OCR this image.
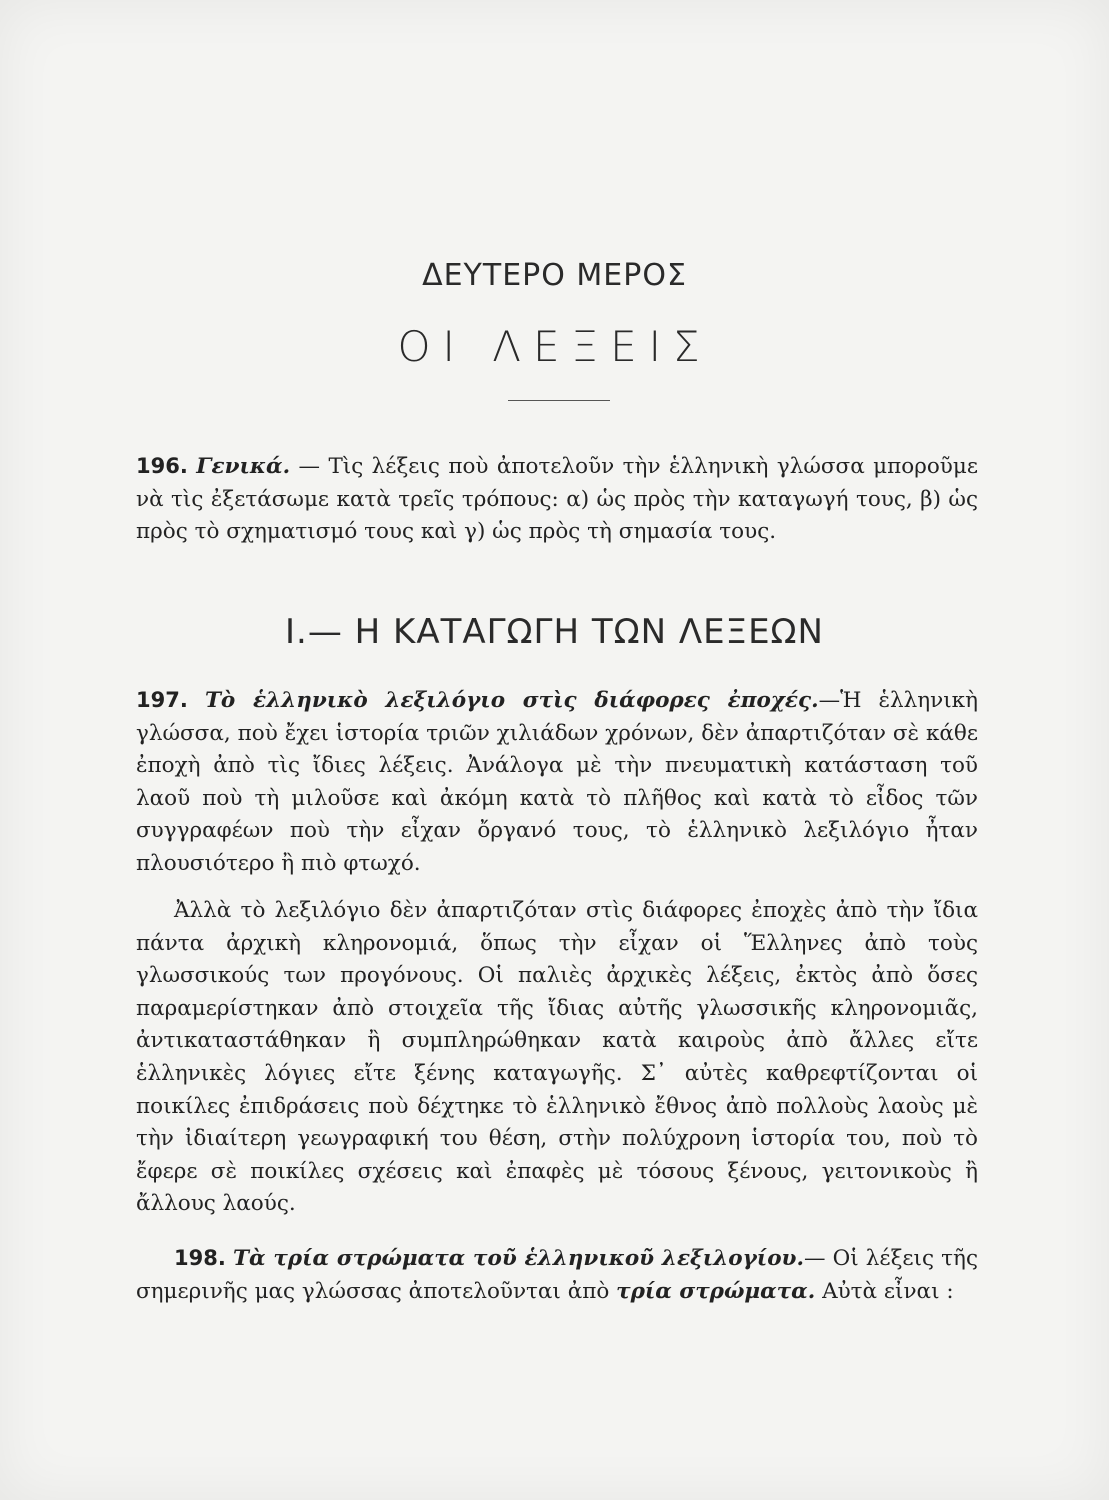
ΔΕΥΤΕΡΟ ΜΕΡΟΣ
ΟΙ ΛΕΞΕΙΣ

196. Γενικά. — Τὶς λέξεις ποὺ ἀποτελοῦν τὴν ἑλληνικὴ γλώσσα μποροῦμε νὰ τὶς ἐξετάσωμε κατὰ τρεῖς τρόπους: α) ὡς πρὸς τὴν καταγωγή τους, β) ὡς πρὸς τὸ σχηματισμό τους καὶ γ) ὡς πρὸς τὴ σημασία τους.

I.— Η ΚΑΤΑΓΩΓΗ ΤΩΝ ΛΕΞΕΩΝ

197. Τὸ ἑλληνικὸ λεξιλόγιο στὶς διάφορες ἐποχές.—Ἡ ἑλληνικὴ γλώσσα, ποὺ ἔχει ἱστορία τριῶν χιλιάδων χρόνων, δὲν ἀπαρτιζόταν σὲ κάθε ἐποχὴ ἀπὸ τὶς ἴδιες λέξεις. Ἀνάλογα μὲ τὴν πνευματικὴ κατάσταση τοῦ λαοῦ ποὺ τὴ μιλοῦσε καὶ ἀκόμη κατὰ τὸ πλῆθος καὶ κατὰ τὸ εἶδος τῶν συγγραφέων ποὺ τὴν εἶχαν ὄργανό τους, τὸ ἑλληνικὸ λεξιλόγιο ἦταν πλουσιότερο ἢ πιὸ φτωχό.

Ἀλλὰ τὸ λεξιλόγιο δὲν ἀπαρτιζόταν στὶς διάφορες ἐποχὲς ἀπὸ τὴν ἴδια πάντα ἀρχικὴ κληρονομιά, ὅπως τὴν εἶχαν οἱ Ἕλληνες ἀπὸ τοὺς γλωσσικούς των προγόνους. Οἱ παλιὲς ἀρχικὲς λέξεις, ἐκτὸς ἀπὸ ὅσες παραμερίστηκαν ἀπὸ στοιχεῖα τῆς ἴδιας αὐτῆς γλωσσικῆς κληρονομιᾶς, ἀντικαταστάθηκαν ἢ συμπληρώθηκαν κατὰ καιροὺς ἀπὸ ἄλλες εἴτε ἑλληνικὲς λόγιες εἴτε ξένης καταγωγῆς. Σ᾿ αὐτὲς καθρεφτίζονται οἱ ποικίλες ἐπιδράσεις ποὺ δέχτηκε τὸ ἑλληνικὸ ἔθνος ἀπὸ πολλοὺς λαοὺς μὲ τὴν ἰδιαίτερη γεωγραφική του θέση, στὴν πολύχρονη ἱστορία του, ποὺ τὸ ἔφερε σὲ ποικίλες σχέσεις καὶ ἐπαφὲς μὲ τόσους ξένους, γειτονικοὺς ἢ ἄλλους λαούς.

198. Τὰ τρία στρώματα τοῦ ἑλληνικοῦ λεξιλογίου.— Οἱ λέξεις τῆς σημερινῆς μας γλώσσας ἀποτελοῦνται ἀπὸ τρία στρώματα. Αὐτὰ εἶναι :
